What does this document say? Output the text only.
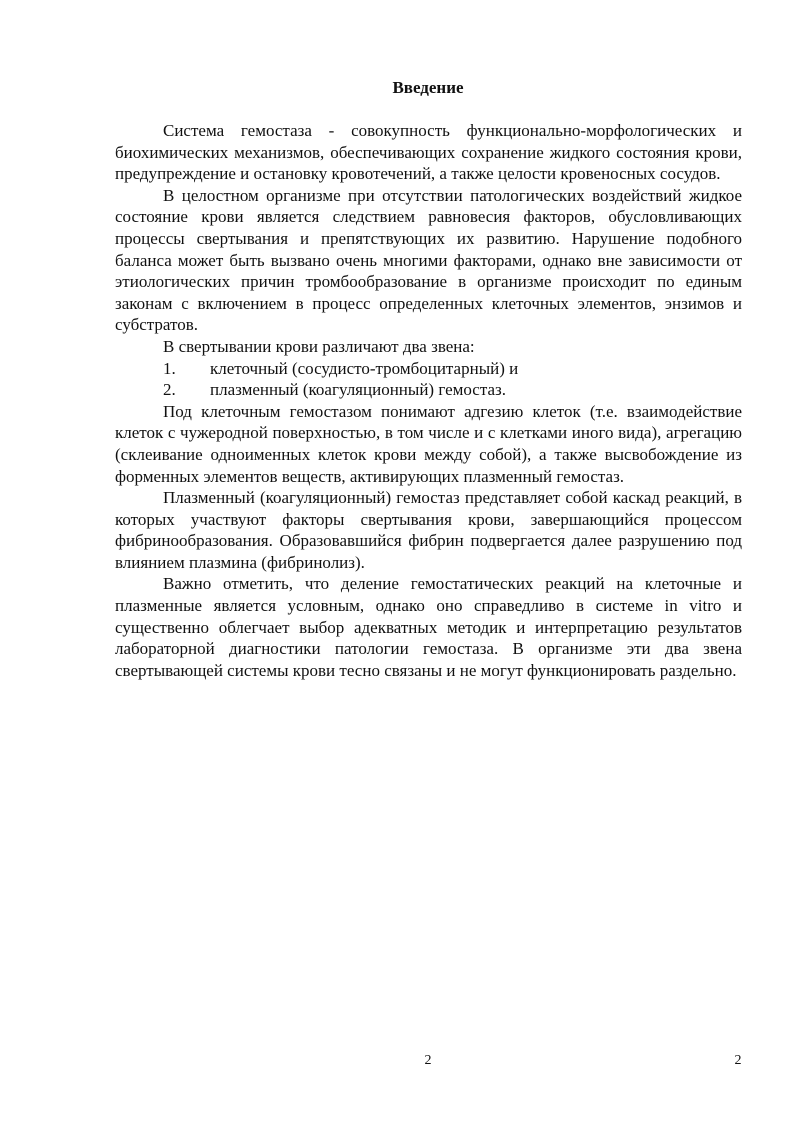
Введение

Система гемостаза - совокупность функционально-морфологических и биохимических механизмов, обеспечивающих сохранение жидкого состояния крови, предупреждение и остановку кровотечений, а также целости кровеносных сосудов.

В целостном организме при отсутствии патологических воздействий жидкое состояние крови является следствием равновесия факторов, обусловливающих процессы свертывания и препятствующих их развитию. Нарушение подобного баланса может быть вызвано очень многими факторами, однако вне зависимости от этиологических причин тромбообразование в организме происходит по единым законам с включением в процесс определенных клеточных элементов, энзимов и субстратов.

В свертывании крови различают два звена:

1. клеточный (сосудисто-тромбоцитарный) и
2. плазменный (коагуляционный) гемостаз.

Под клеточным гемостазом понимают адгезию клеток (т.е. взаимодействие клеток с чужеродной поверхностью, в том числе и с клетками иного вида), агрегацию (склеивание одноименных клеток крови между собой), а также высвобождение из форменных элементов веществ, активирующих плазменный гемостаз.

Плазменный (коагуляционный) гемостаз представляет собой каскад реакций, в которых участвуют факторы свертывания крови, завершающийся процессом фибринообразования. Образовавшийся фибрин подвергается далее разрушению под влиянием плазмина (фибринолиз).

Важно отметить, что деление гемостатических реакций на клеточные и плазменные является условным, однако оно справедливо в системе in vitro и существенно облегчает выбор адекватных методик и интерпретацию результатов лабораторной диагностики патологии гемостаза. В организме эти два звена свертывающей системы крови тесно связаны и не могут функционировать раздельно.

2	2
